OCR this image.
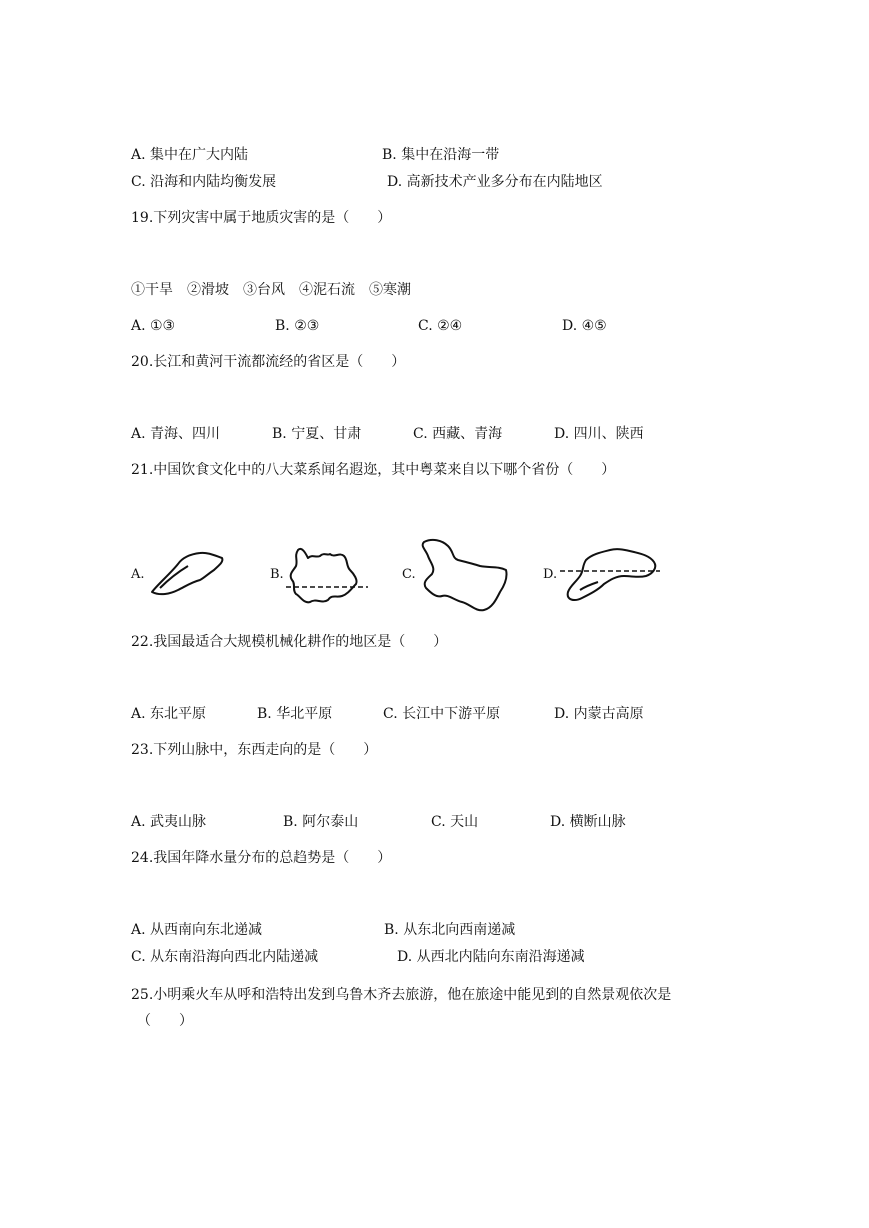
A. 集中在广大内陆	B. 集中在沿海一带
C. 沿海和内陆均衡发展	D. 高新技术产业多分布在内陆地区
19.下列灾害中属于地质灾害的是（　　）
①干旱　②滑坡　③台风　④泥石流　⑤寒潮
A. ①③	B. ②③	C. ②④	D. ④⑤
20.长江和黄河干流都流经的省区是（　　）
A. 青海、四川	B. 宁夏、甘肃	C. 西藏、青海	D. 四川、陕西
21.中国饮食文化中的八大菜系闻名遐迩，其中粤菜来自以下哪个省份（　　）
A.	B.	C.	D.
22.我国最适合大规模机械化耕作的地区是（　　）
A. 东北平原	B. 华北平原	C. 长江中下游平原	D. 内蒙古高原
23.下列山脉中，东西走向的是（　　）
A. 武夷山脉	B. 阿尔泰山	C. 天山	D. 横断山脉
24.我国年降水量分布的总趋势是（　　）
A. 从西南向东北递减	B. 从东北向西南递减
C. 从东南沿海向西北内陆递减	D. 从西北内陆向东南沿海递减
25.小明乘火车从呼和浩特出发到乌鲁木齐去旅游，他在旅途中能见到的自然景观依次是
（　　）
